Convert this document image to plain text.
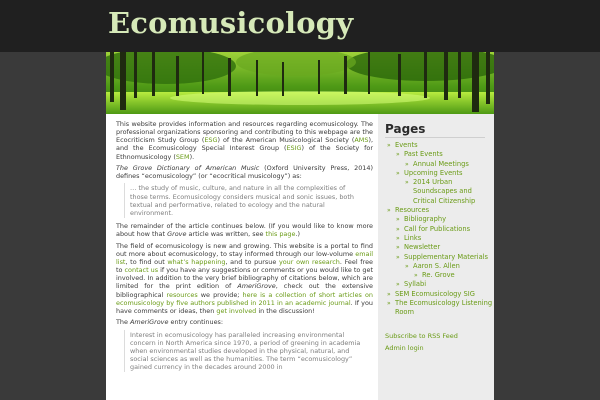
Ecomusicology

This website provides information and resources regarding ecomusicology. The professional organizations sponsoring and contributing to this webpage are the Ecocriticism Study Group (ESG) of the American Musicological Society (AMS), and the Ecomusicology Special Interest Group (ESIG) of the Society for Ethnomusicology (SEM).

The Grove Dictionary of American Music (Oxford University Press, 2014) defines “ecomusicology” (or “ecocritical musicology”) as:

… the study of music, culture, and nature in all the complexities of those terms. Ecomusicology considers musical and sonic issues, both textual and performative, related to ecology and the natural environment.

The remainder of the article continues below. (If you would like to know more about how that Grove article was written, see this page.)

The field of ecomusicology is new and growing. This website is a portal to find out more about ecomusicology, to stay informed through our low-volume email list, to find out what’s happening, and to pursue your own research. Feel free to contact us if you have any suggestions or comments or you would like to get involved. In addition to the very brief bibliography of citations below, which are limited for the print edition of AmeriGrove, check out the extensive bibliographical resources we provide; here is a collection of short articles on ecomusicology by five authors published in 2011 in an academic journal. If you have comments or ideas, then get involved in the discussion!

The AmeriGrove entry continues:

Interest in ecomusicology has paralleled increasing environmental concern in North America since 1970, a period of greening in academia when environmental studies developed in the physical, natural, and social sciences as well as the humanities. The term “ecomusicology” gained currency in the decades around 2000 in

Pages
» Events
» Past Events
» Annual Meetings
» Upcoming Events
» 2014 Urban Soundscapes and Critical Citizenship
» Resources
» Bibliography
» Call for Publications
» Links
» Newsletter
» Supplementary Materials
» Aaron S. Allen
» Re. Grove
» Syllabi
» SEM Ecomusicology SIG
» The Ecomusicology Listening Room
Subscribe to RSS Feed
Admin login
